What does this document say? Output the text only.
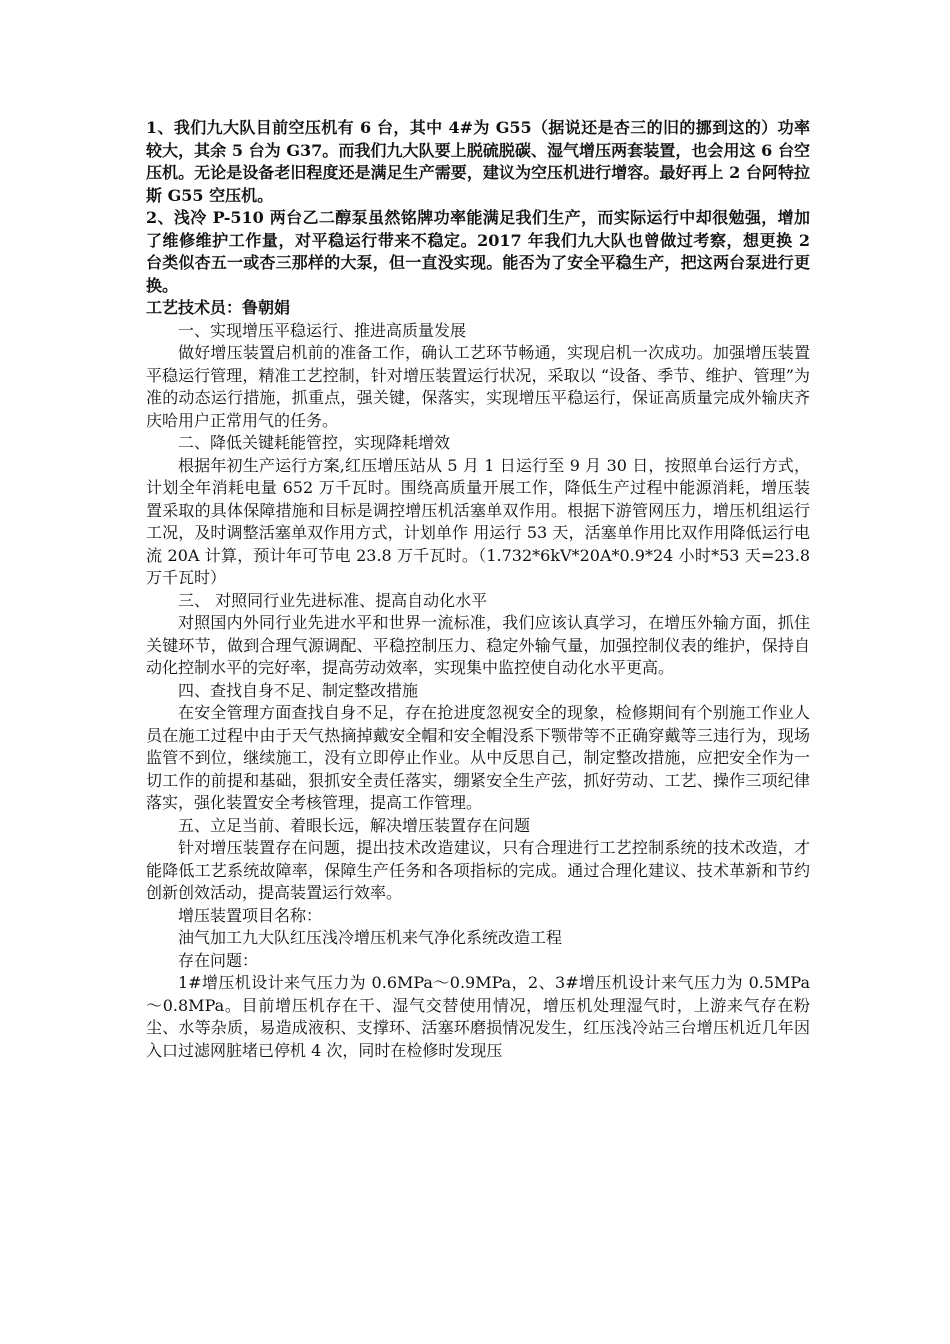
1、我们九大队目前空压机有 6 台，其中 4#为 G55（据说还是杏三的旧的挪到这的）功率较大，其余 5 台为 G37。而我们九大队要上脱硫脱碳、湿气增压两套装置，也会用这 6 台空压机。无论是设备老旧程度还是满足生产需要，建议为空压机进行增容。最好再上 2 台阿特拉斯 G55 空压机。

2、浅冷 P-510 两台乙二醇泵虽然铭牌功率能满足我们生产，而实际运行中却很勉强，增加了维修维护工作量，对平稳运行带来不稳定。2017 年我们九大队也曾做过考察，想更换 2 台类似杏五一或杏三那样的大泵，但一直没实现。能否为了安全平稳生产，把这两台泵进行更换。

工艺技术员：鲁朝娟

一、实现增压平稳运行、推进高质量发展

做好增压装置启机前的准备工作，确认工艺环节畅通，实现启机一次成功。加强增压装置平稳运行管理，精准工艺控制，针对增压装置运行状况，采取以 “设备、季节、维护、管理”为准的动态运行措施，抓重点，强关键，保落实，实现增压平稳运行，保证高质量完成外输庆齐庆哈用户正常用气的任务。

二、降低关键耗能管控，实现降耗增效

根据年初生产运行方案,红压增压站从 5 月 1 日运行至 9 月 30 日，按照单台运行方式，计划全年消耗电量 652 万千瓦时。围绕高质量开展工作，降低生产过程中能源消耗，增压装置采取的具体保障措施和目标是调控增压机活塞单双作用。根据下游管网压力，增压机组运行工况，及时调整活塞单双作用方式，计划单作 用运行 53 天，活塞单作用比双作用降低运行电流 20A 计算，预计年可节电 23.8 万千瓦时。（1.732*6kV*20A*0.9*24 小时*53 天=23.8 万千瓦时）

三、 对照同行业先进标准、提高自动化水平

对照国内外同行业先进水平和世界一流标准，我们应该认真学习，在增压外输方面，抓住关键环节，做到合理气源调配、平稳控制压力、稳定外输气量，加强控制仪表的维护，保持自动化控制水平的完好率，提高劳动效率，实现集中监控使自动化水平更高。

四、查找自身不足、制定整改措施

在安全管理方面查找自身不足，存在抢进度忽视安全的现象，检修期间有个别施工作业人员在施工过程中由于天气热摘掉戴安全帽和安全帽没系下颚带等不正确穿戴等三违行为，现场监管不到位，继续施工，没有立即停止作业。从中反思自己，制定整改措施，应把安全作为一切工作的前提和基础，狠抓安全责任落实，绷紧安全生产弦，抓好劳动、工艺、操作三项纪律落实，强化装置安全考核管理，提高工作管理。

五、立足当前、着眼长远，解决增压装置存在问题

针对增压装置存在问题，提出技术改造建议，只有合理进行工艺控制系统的技术改造，才能降低工艺系统故障率，保障生产任务和各项指标的完成。通过合理化建议、技术革新和节约创新创效活动，提高装置运行效率。

增压装置项目名称：

油气加工九大队红压浅冷增压机来气净化系统改造工程

存在问题：

1#增压机设计来气压力为 0.6MPa～0.9MPa，2、3#增压机设计来气压力为 0.5MPa～0.8MPa。目前增压机存在干、湿气交替使用情况，增压机处理湿气时，上游来气存在粉尘、水等杂质，易造成液积、支撑环、活塞环磨损情况发生，红压浅冷站三台增压机近几年因入口过滤网脏堵已停机 4 次，同时在检修时发现压
